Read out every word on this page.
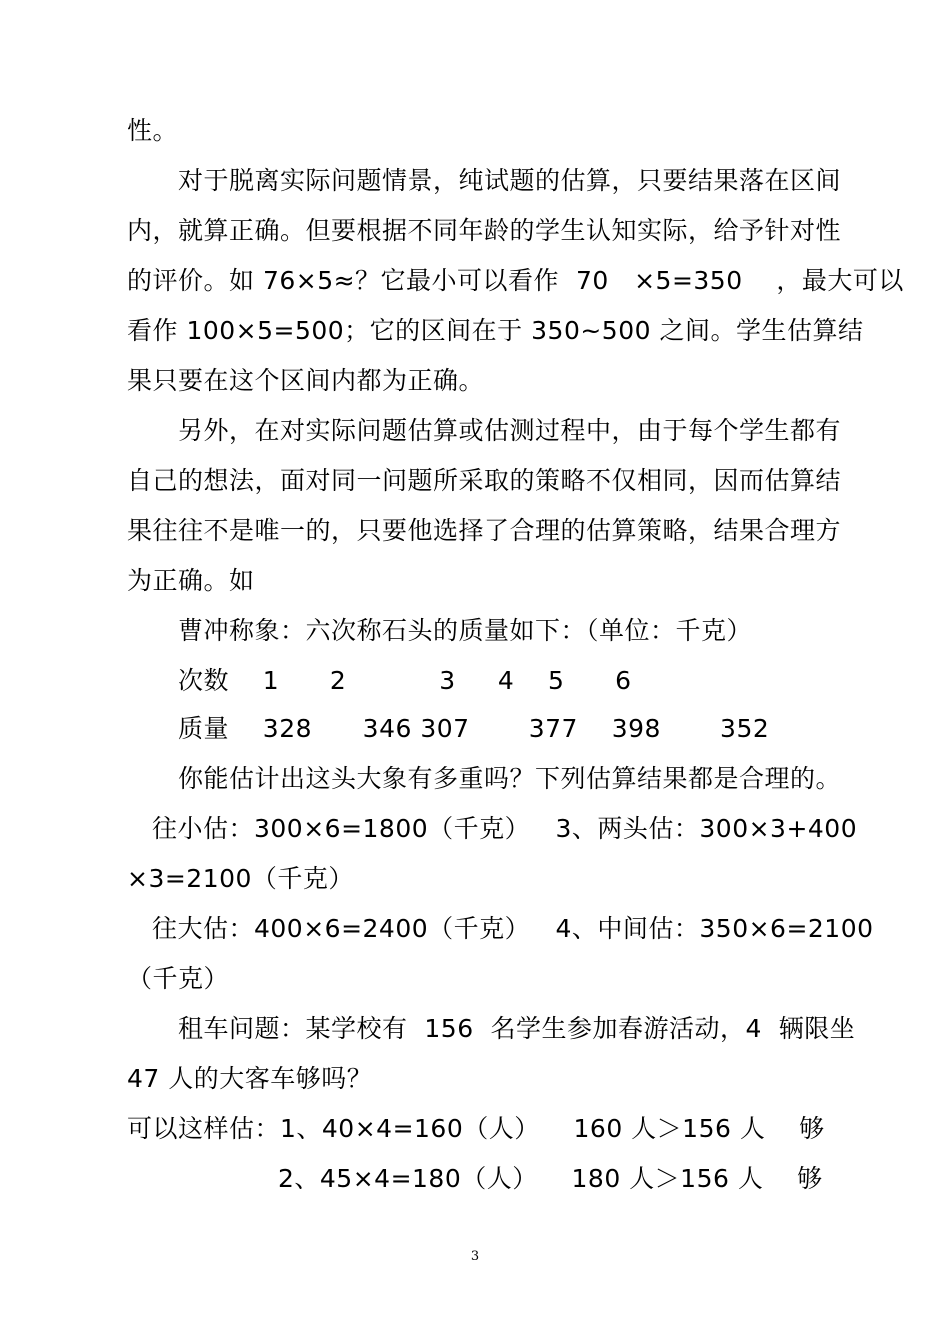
性。
对于脱离实际问题情景，纯试题的估算，只要结果落在区间
内，就算正确。但要根据不同年龄的学生认知实际，给予针对性
的评价。如 76×5≈？它最小可以看作  70   ×5=350    ，最大可以
看作 100×5=500；它的区间在于 350~500 之间。学生估算结
果只要在这个区间内都为正确。
另外，在对实际问题估算或估测过程中，由于每个学生都有
自己的想法，面对同一问题所采取的策略不仅相同，因而估算结
果往往不是唯一的，只要他选择了合理的估算策略，结果合理方
为正确。如
曹冲称象：六次称石头的质量如下：（单位：千克）
次数    1      2           3     4    5      6
质量    328      346 307       377    398       352
你能估计出这头大象有多重吗？下列估算结果都是合理的。
往小估：300×6=1800（千克）   3、两头估：300×3+400
×3=2100（千克）
往大估：400×6=2400（千克）   4、中间估：350×6=2100
（千克）
租车问题：某学校有  156  名学生参加春游活动，4  辆限坐
47 人的大客车够吗？
可以这样估：1、40×4=160（人）    160 人＞156 人    够
2、45×4=180（人）    180 人＞156 人    够
3
